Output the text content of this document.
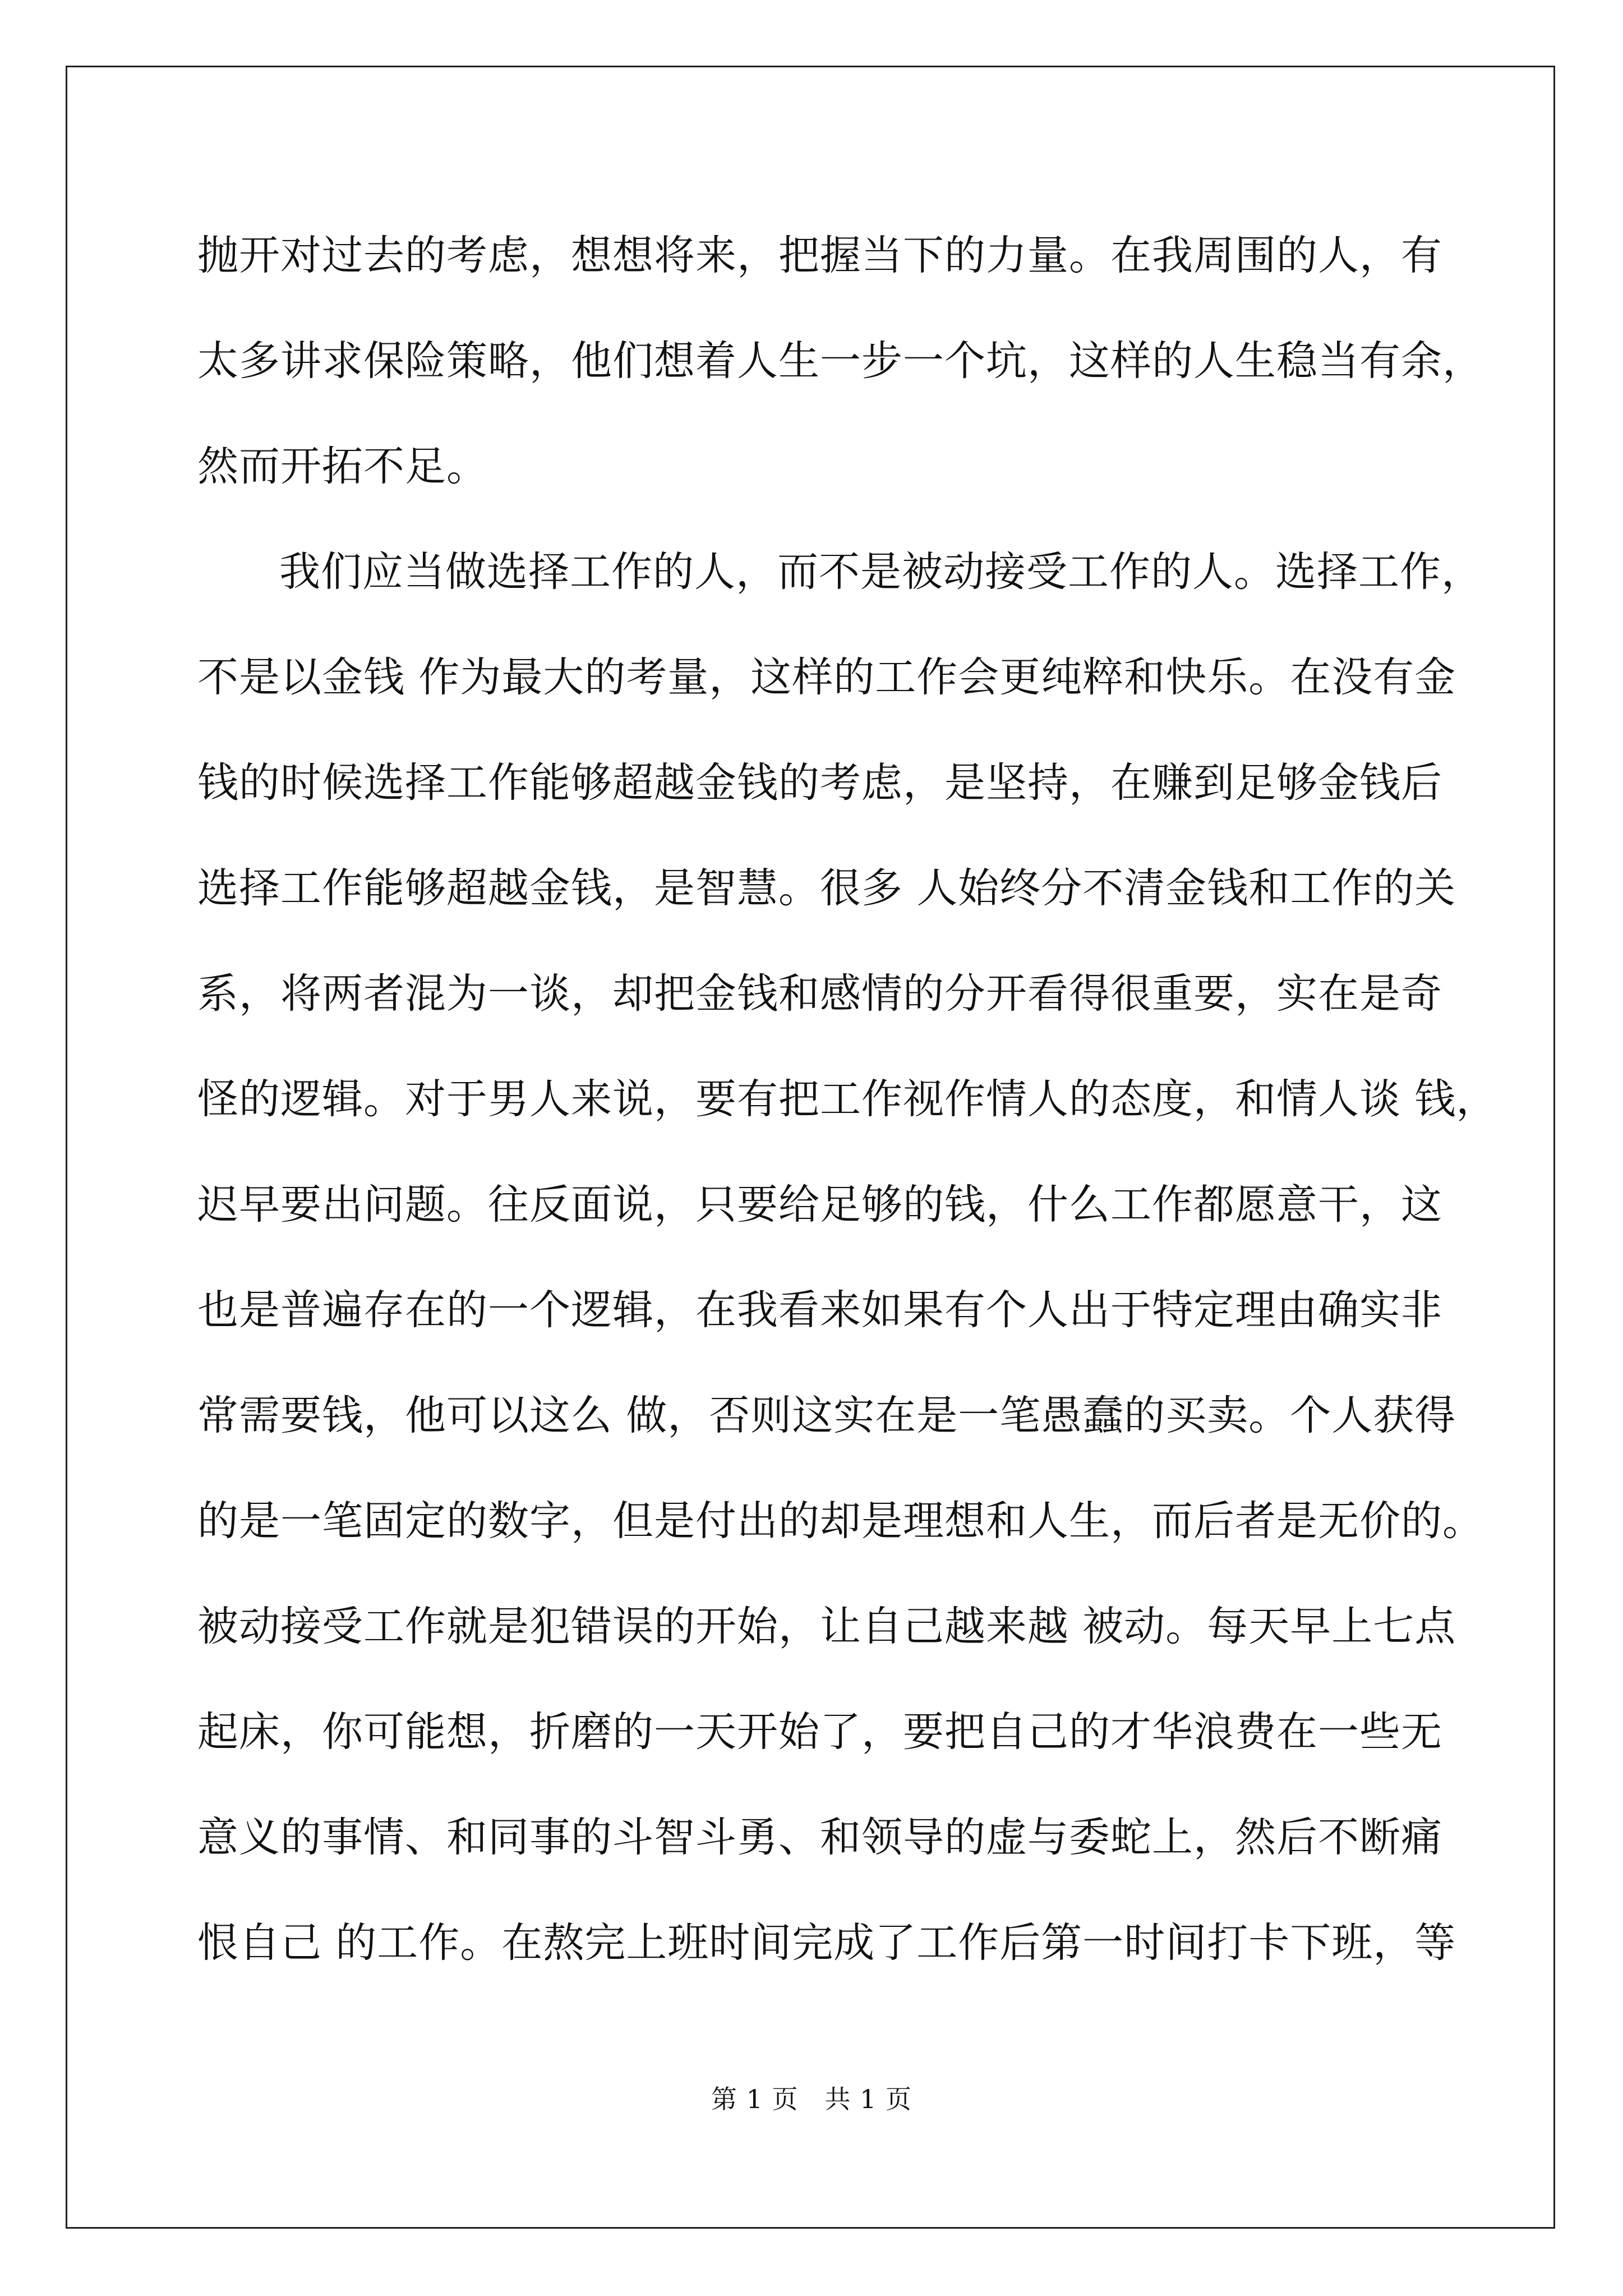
抛开对过去的考虑，想想将来，把握当下的力量。在我周围的人，有
太多讲求保险策略，他们想着人生一步一个坑，这样的人生稳当有余，
然而开拓不足。
我们应当做选择工作的人，而不是被动接受工作的人。选择工作，
不是以金钱 作为最大的考量，这样的工作会更纯粹和快乐。在没有金
钱的时候选择工作能够超越金钱的考虑，是坚持，在赚到足够金钱后
选择工作能够超越金钱，是智慧。很多 人始终分不清金钱和工作的关
系，将两者混为一谈，却把金钱和感情的分开看得很重要，实在是奇
怪的逻辑。对于男人来说，要有把工作视作情人的态度，和情人谈 钱，
迟早要出问题。往反面说，只要给足够的钱，什么工作都愿意干，这
也是普遍存在的一个逻辑，在我看来如果有个人出于特定理由确实非
常需要钱，他可以这么 做，否则这实在是一笔愚蠢的买卖。个人获得
的是一笔固定的数字，但是付出的却是理想和人生，而后者是无价的。
被动接受工作就是犯错误的开始，让自己越来越 被动。每天早上七点
起床，你可能想，折磨的一天开始了，要把自己的才华浪费在一些无
意义的事情、和同事的斗智斗勇、和领导的虚与委蛇上，然后不断痛
恨自己 的工作。在熬完上班时间完成了工作后第一时间打卡下班，等
第 1 页　共 1 页
